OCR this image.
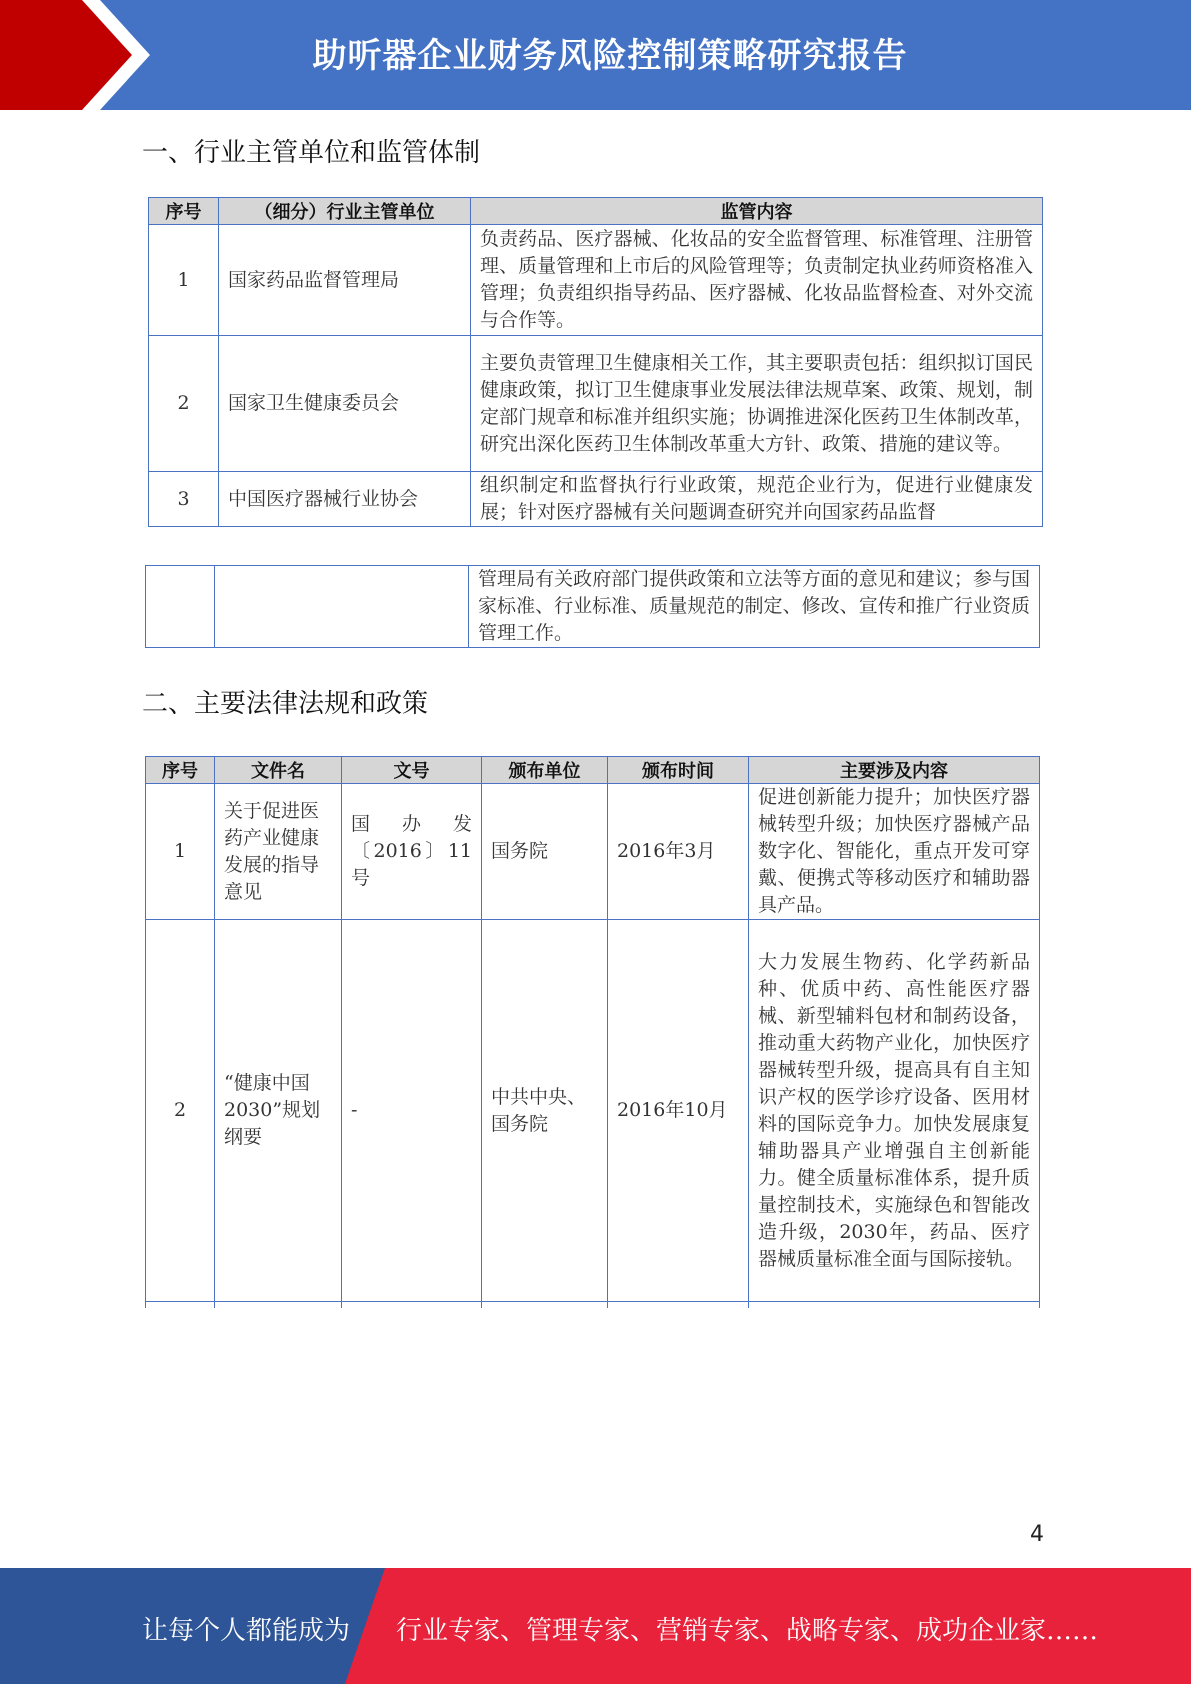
助听器企业财务风险控制策略研究报告
一、行业主管单位和监管体制
序号	（细分）行业主管单位	监管内容
1	国家药品监督管理局	负责药品、医疗器械、化妆品的安全监督管理、标准管理、注册管理、质量管理和上市后的风险管理等；负责制定执业药师资格准入管理；负责组织指导药品、医疗器械、化妆品监督检查、对外交流与合作等。
2	国家卫生健康委员会	主要负责管理卫生健康相关工作，其主要职责包括：组织拟订国民健康政策，拟订卫生健康事业发展法律法规草案、政策、规划，制定部门规章和标准并组织实施；协调推进深化医药卫生体制改革，研究出深化医药卫生体制改革重大方针、政策、措施的建议等。
3	中国医疗器械行业协会	组织制定和监督执行行业政策，规范企业行为，促进行业健康发展；针对医疗器械有关问题调查研究并向国家药品监督
		管理局有关政府部门提供政策和立法等方面的意见和建议；参与国家标准、行业标准、质量规范的制定、修改、宣传和推广行业资质管理工作。
二、主要法律法规和政策
序号	文件名	文号	颁布单位	颁布时间	主要涉及内容
1	关于促进医药产业健康发展的指导意见	国 办 发〔2016〕11号	国务院	2016年3月	促进创新能力提升；加快医疗器械转型升级；加快医疗器械产品数字化、智能化，重点开发可穿戴、便携式等移动医疗和辅助器具产品。
2	“健康中国2030”规划纲要	-	中共中央、国务院	2016年10月	大力发展生物药、化学药新品种、优质中药、高性能医疗器械、新型辅料包材和制药设备，推动重大药物产业化，加快医疗器械转型升级，提高具有自主知识产权的医学诊疗设备、医用材料的国际竞争力。加快发展康复辅助器具产业增强自主创新能力。健全质量标准体系，提升质量控制技术，实施绿色和智能改造升级，2030年，药品、医疗器械质量标准全面与国际接轨。

4
让每个人都能成为 行业专家、管理专家、营销专家、战略专家、成功企业家……
